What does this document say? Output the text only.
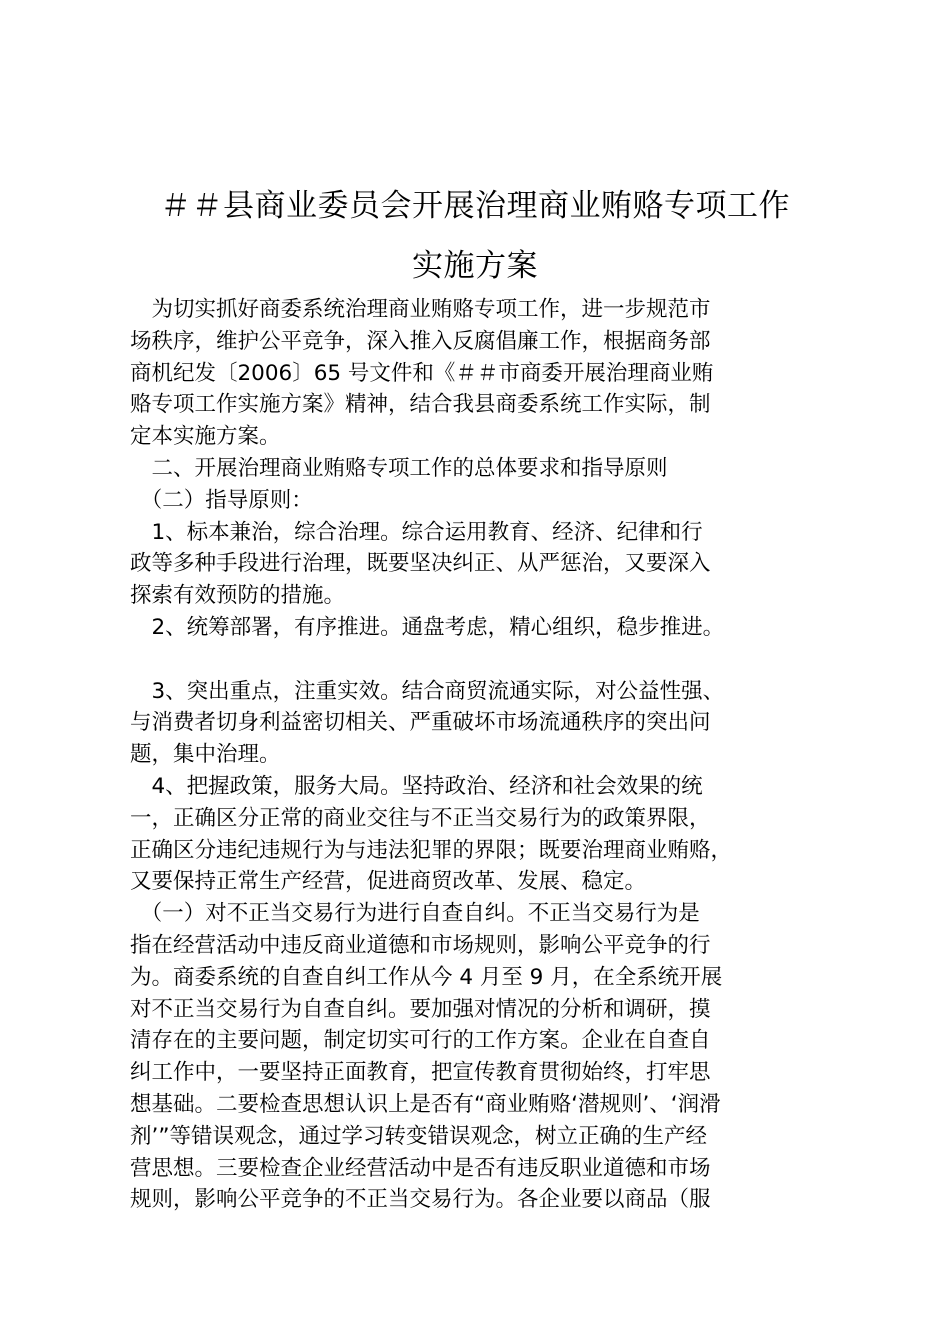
＃＃县商业委员会开展治理商业贿赂专项工作
实施方案
　为切实抓好商委系统治理商业贿赂专项工作，进一步规范市
场秩序，维护公平竞争，深入推入反腐倡廉工作，根据商务部
商机纪发〔2006〕65 号文件和《＃＃市商委开展治理商业贿
赂专项工作实施方案》精神，结合我县商委系统工作实际，制
定本实施方案。
　二、开展治理商业贿赂专项工作的总体要求和指导原则
　（二）指导原则：
　1、标本兼治，综合治理。综合运用教育、经济、纪律和行
政等多种手段进行治理，既要坚决纠正、从严惩治，又要深入
探索有效预防的措施。
　2、统筹部署，有序推进。通盘考虑，精心组织，稳步推进。
　3、突出重点，注重实效。结合商贸流通实际，对公益性强、
与消费者切身利益密切相关、严重破坏市场流通秩序的突出问
题，集中治理。
　4、把握政策，服务大局。坚持政治、经济和社会效果的统
一，正确区分正常的商业交往与不正当交易行为的政策界限，
正确区分违纪违规行为与违法犯罪的界限；既要治理商业贿赂，
又要保持正常生产经营，促进商贸改革、发展、稳定。
　（一）对不正当交易行为进行自查自纠。不正当交易行为是
指在经营活动中违反商业道德和市场规则，影响公平竞争的行
为。商委系统的自查自纠工作从今 4 月至 9 月，在全系统开展
对不正当交易行为自查自纠。要加强对情况的分析和调研，摸
清存在的主要问题，制定切实可行的工作方案。企业在自查自
纠工作中，一要坚持正面教育，把宣传教育贯彻始终，打牢思
想基础。二要检查思想认识上是否有“商业贿赂‘潜规则’、‘润滑
剂’”等错误观念，通过学习转变错误观念，树立正确的生产经
营思想。三要检查企业经营活动中是否有违反职业道德和市场
规则，影响公平竞争的不正当交易行为。各企业要以商品（服
